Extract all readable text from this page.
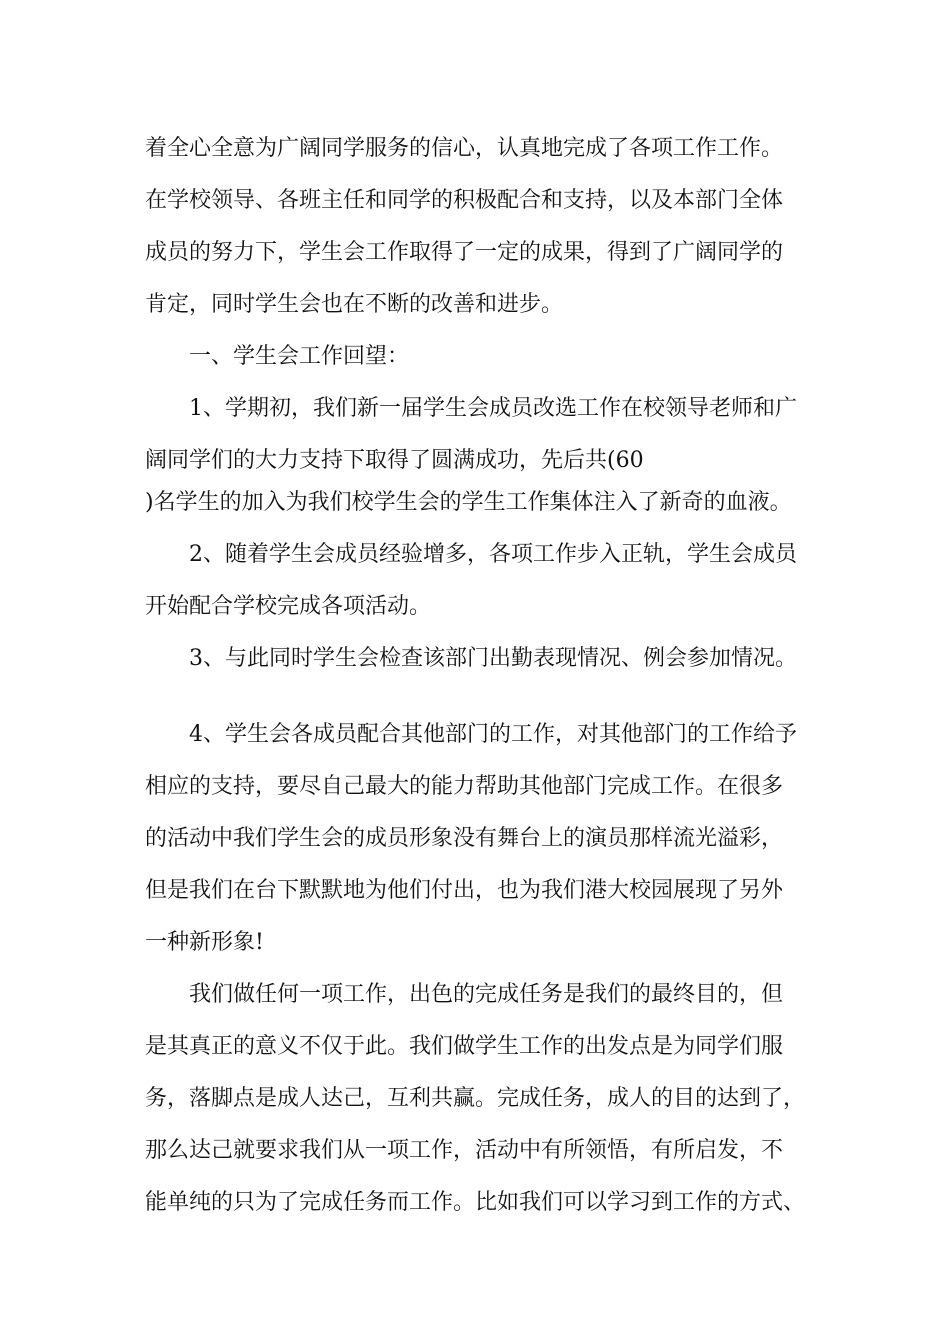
着全心全意为广阔同学服务的信心，认真地完成了各项工作工作。
在学校领导、各班主任和同学的积极配合和支持，以及本部门全体
成员的努力下，学生会工作取得了一定的成果，得到了广阔同学的
肯定，同时学生会也在不断的改善和进步。
一、学生会工作回望：
1、学期初，我们新一届学生会成员改选工作在校领导老师和广
阔同学们的大力支持下取得了圆满成功，先后共(60
)名学生的加入为我们校学生会的学生工作集体注入了新奇的血液。
2、随着学生会成员经验增多，各项工作步入正轨，学生会成员
开始配合学校完成各项活动。
3、与此同时学生会检查该部门出勤表现情况、例会参加情况。
4、学生会各成员配合其他部门的工作，对其他部门的工作给予
相应的支持，要尽自己最大的能力帮助其他部门完成工作。在很多
的活动中我们学生会的成员形象没有舞台上的演员那样流光溢彩，
但是我们在台下默默地为他们付出，也为我们港大校园展现了另外
一种新形象!
我们做任何一项工作，出色的完成任务是我们的最终目的，但
是其真正的意义不仅于此。我们做学生工作的出发点是为同学们服
务，落脚点是成人达己，互利共赢。完成任务，成人的目的达到了，
那么达己就要求我们从一项工作，活动中有所领悟，有所启发，不
能单纯的只为了完成任务而工作。比如我们可以学习到工作的方式、
